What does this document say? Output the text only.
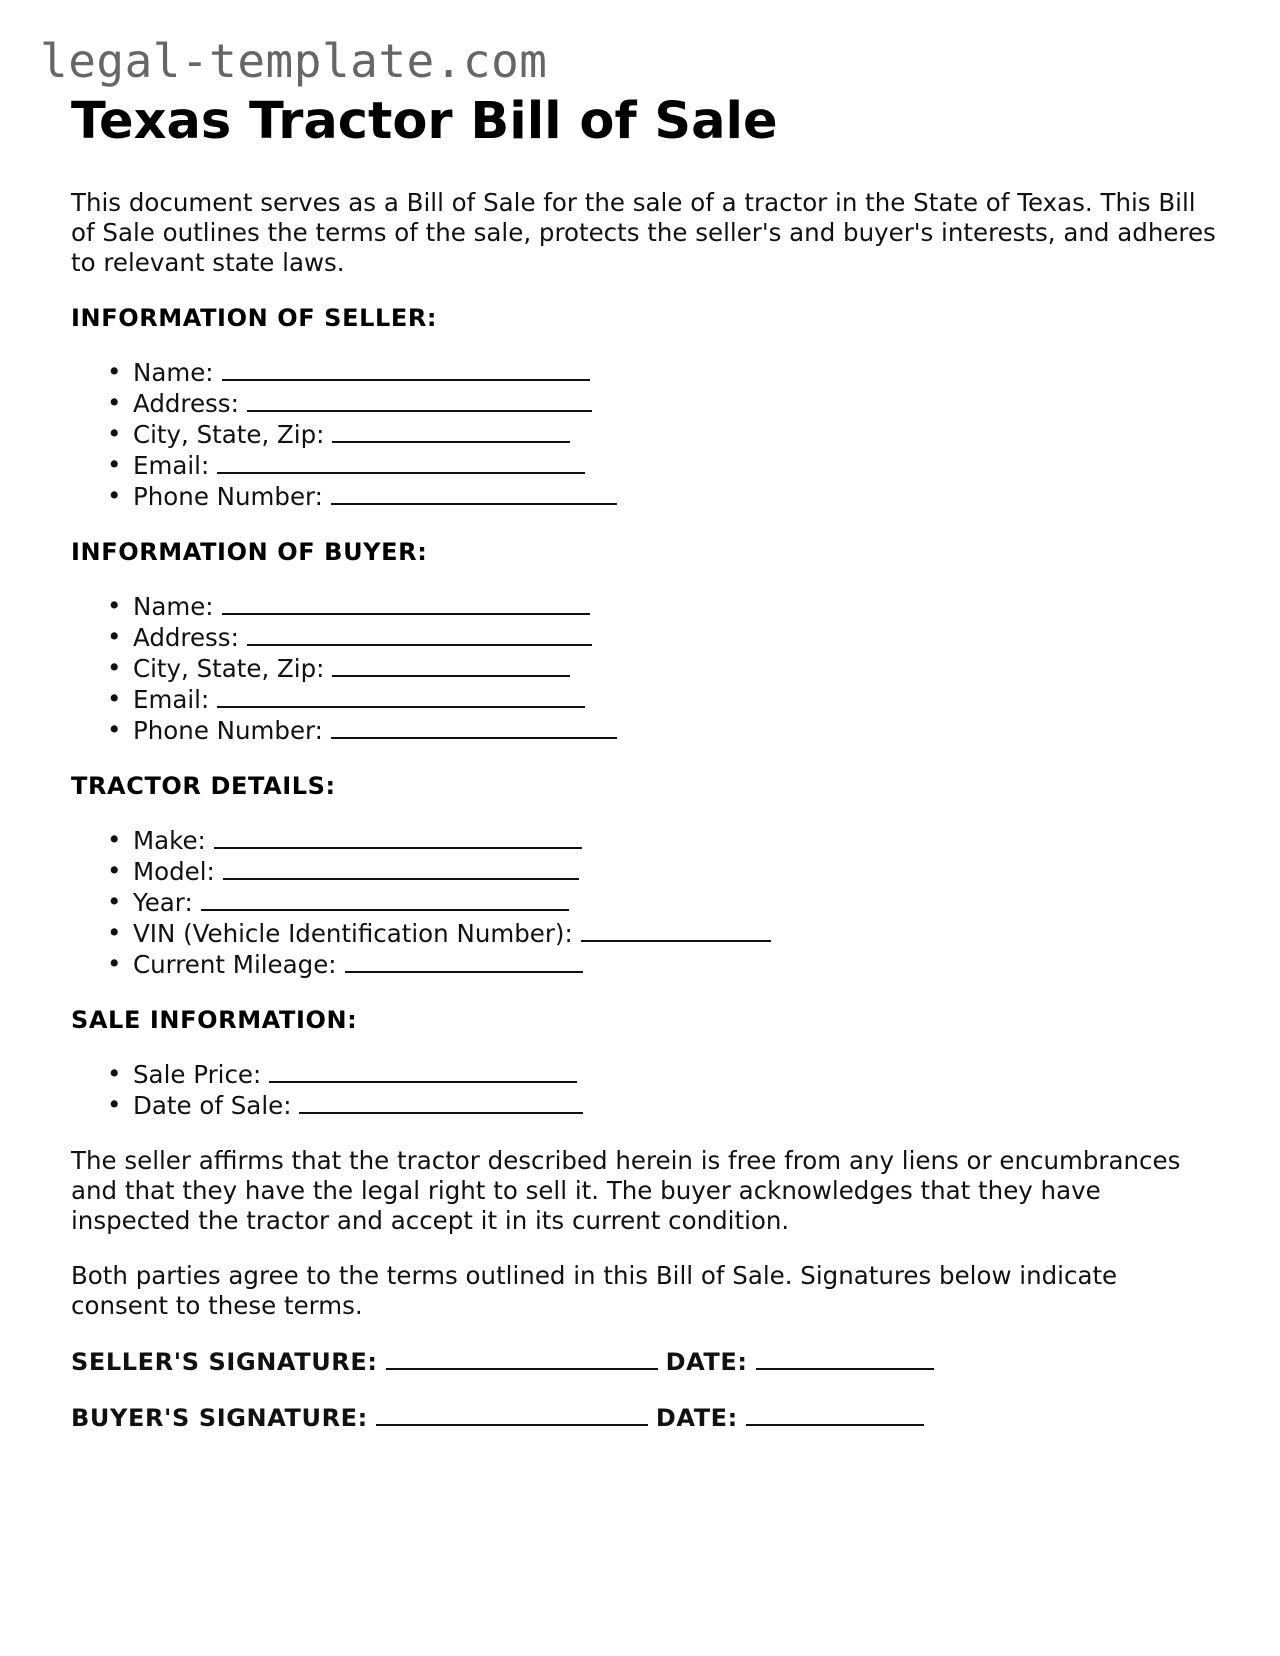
legal-template.com
Texas Tractor Bill of Sale

This document serves as a Bill of Sale for the sale of a tractor in the State of Texas. This Bill of Sale outlines the terms of the sale, protects the seller's and buyer's interests, and adheres to relevant state laws.

INFORMATION OF SELLER:
• Name:
• Address:
• City, State, Zip:
• Email:
• Phone Number:
INFORMATION OF BUYER:
• Name:
• Address:
• City, State, Zip:
• Email:
• Phone Number:
TRACTOR DETAILS:
• Make:
• Model:
• Year:
• VIN (Vehicle Identification Number):
• Current Mileage:
SALE INFORMATION:
• Sale Price:
• Date of Sale:

The seller affirms that the tractor described herein is free from any liens or encumbrances and that they have the legal right to sell it. The buyer acknowledges that they have inspected the tractor and accept it in its current condition.

Both parties agree to the terms outlined in this Bill of Sale. Signatures below indicate consent to these terms.

SELLER'S SIGNATURE:	DATE:
BUYER'S SIGNATURE:	DATE:
